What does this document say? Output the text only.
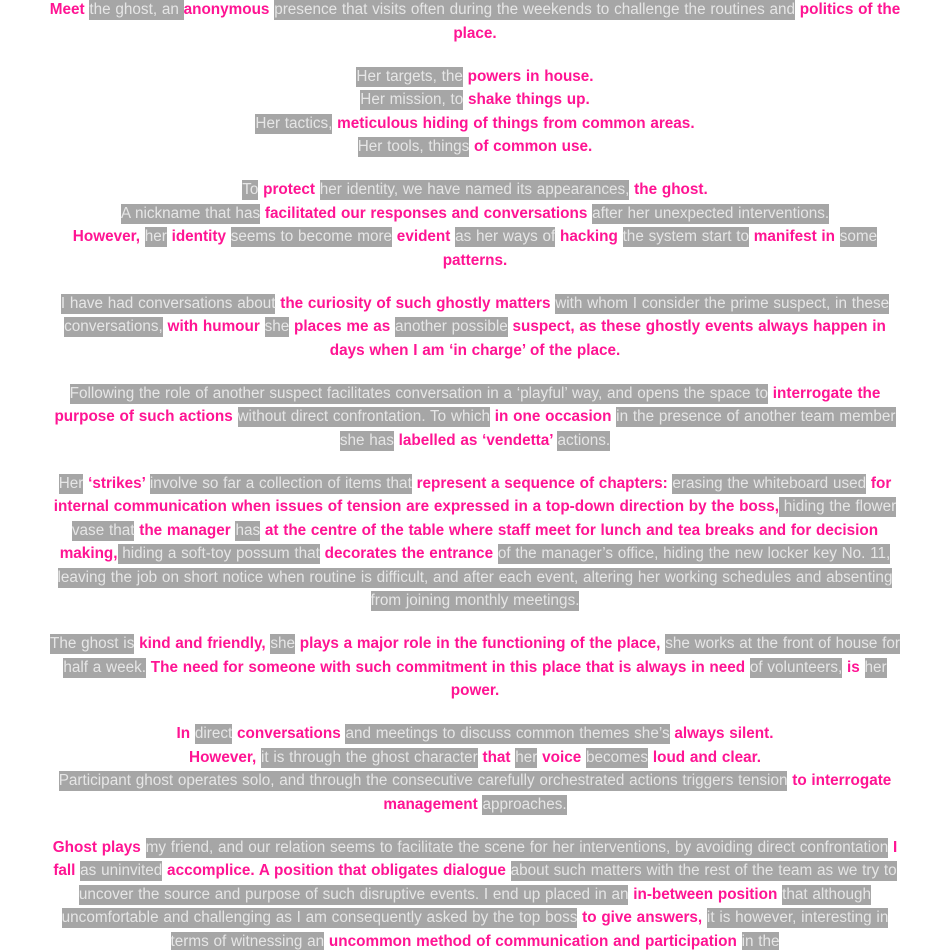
Meet the ghost, an anonymous presence that visits often during the weekends to challenge the routines and politics of the place.

Her targets, the powers in house.
Her mission, to shake things up.
Her tactics, meticulous hiding of things from common areas.
Her tools, things of common use.

To protect her identity, we have named its appearances, the ghost.
A nickname that has facilitated our responses and conversations after her unexpected interventions.
However, her identity seems to become more evident as her ways of hacking the system start to manifest in some patterns.

I have had conversations about the curiosity of such ghostly matters with whom I consider the prime suspect, in these conversations, with humour she places me as another possible suspect, as these ghostly events always happen in days when I am ‘in charge’ of the place.

Following the role of another suspect facilitates conversation in a ‘playful’ way, and opens the space to interrogate the purpose of such actions without direct confrontation. To which in one occasion in the presence of another team member she has labelled as ‘vendetta’ actions.

Her ‘strikes’ involve so far a collection of items that represent a sequence of chapters: erasing the whiteboard used for internal communication when issues of tension are expressed in a top-down direction by the boss, hiding the flower vase that the manager has at the centre of the table where staff meet for lunch and tea breaks and for decision making, hiding a soft-toy possum that decorates the entrance of the manager’s office, hiding the new locker key No. 11, leaving the job on short notice when routine is difficult, and after each event, altering her working schedules and absenting from joining monthly meetings.

The ghost is kind and friendly, she plays a major role in the functioning of the place, she works at the front of house for half a week. The need for someone with such commitment in this place that is always in need of volunteers, is her power.

In direct conversations and meetings to discuss common themes she’s always silent.
However, it is through the ghost character that her voice becomes loud and clear.
Participant ghost operates solo, and through the consecutive carefully orchestrated actions triggers tension to interrogate management approaches.

Ghost plays my friend, and our relation seems to facilitate the scene for her interventions, by avoiding direct confrontation I fall as uninvited accomplice. A position that obligates dialogue about such matters with the rest of the team as we try to uncover the source and purpose of such disruptive events. I end up placed in an in-between position that although uncomfortable and challenging as I am consequently asked by the top boss to give answers, it is however, interesting in terms of witnessing an uncommon method of communication and participation in the
